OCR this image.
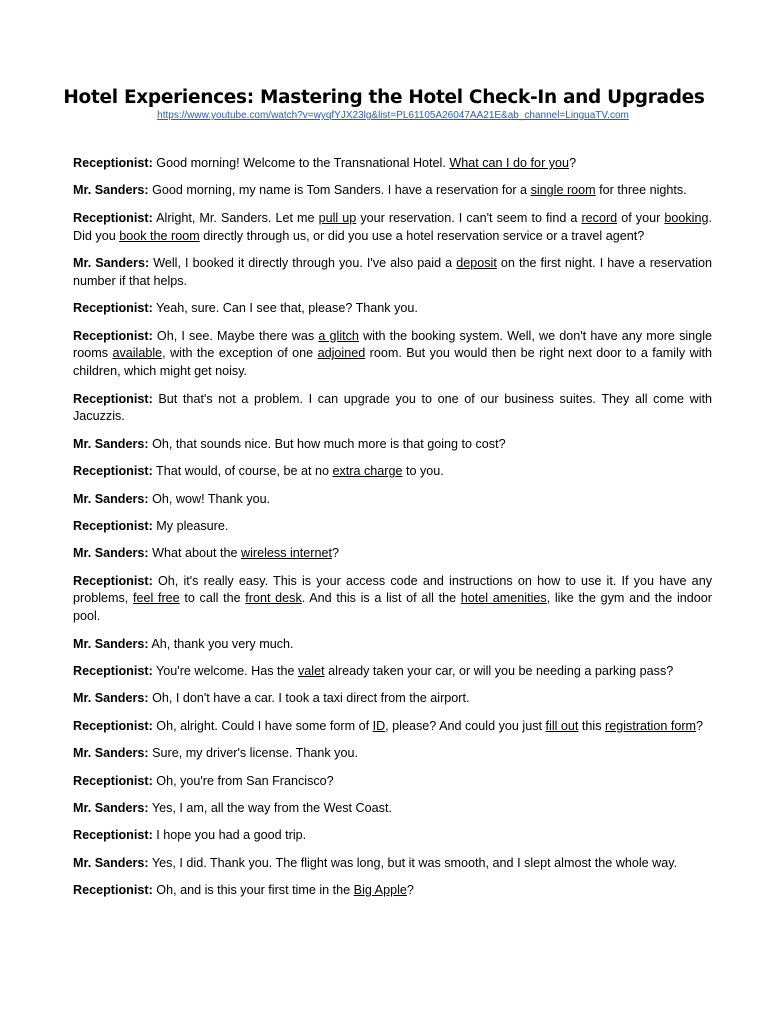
Hotel Experiences: Mastering the Hotel Check-In and Upgrades
https://www.youtube.com/watch?v=wyqfYJX23lg&list=PL61105A26047AA21E&ab_channel=LinguaTV.com

Receptionist: Good morning! Welcome to the Transnational Hotel. What can I do for you?

Mr. Sanders: Good morning, my name is Tom Sanders. I have a reservation for a single room for three nights.

Receptionist: Alright, Mr. Sanders. Let me pull up your reservation. I can't seem to find a record of your booking. Did you book the room directly through us, or did you use a hotel reservation service or a travel agent?

Mr. Sanders: Well, I booked it directly through you. I've also paid a deposit on the first night. I have a reservation number if that helps.

Receptionist: Yeah, sure. Can I see that, please? Thank you.

Receptionist: Oh, I see. Maybe there was a glitch with the booking system. Well, we don't have any more single rooms available, with the exception of one adjoined room. But you would then be right next door to a family with children, which might get noisy.

Receptionist: But that's not a problem. I can upgrade you to one of our business suites. They all come with Jacuzzis.

Mr. Sanders: Oh, that sounds nice. But how much more is that going to cost?

Receptionist: That would, of course, be at no extra charge to you.

Mr. Sanders: Oh, wow! Thank you.

Receptionist: My pleasure.

Mr. Sanders: What about the wireless internet?

Receptionist: Oh, it's really easy. This is your access code and instructions on how to use it. If you have any problems, feel free to call the front desk. And this is a list of all the hotel amenities, like the gym and the indoor pool.

Mr. Sanders: Ah, thank you very much.

Receptionist: You're welcome. Has the valet already taken your car, or will you be needing a parking pass?

Mr. Sanders: Oh, I don't have a car. I took a taxi direct from the airport.

Receptionist: Oh, alright. Could I have some form of ID, please? And could you just fill out this registration form?

Mr. Sanders: Sure, my driver's license. Thank you.

Receptionist: Oh, you're from San Francisco?

Mr. Sanders: Yes, I am, all the way from the West Coast.

Receptionist: I hope you had a good trip.

Mr. Sanders: Yes, I did. Thank you. The flight was long, but it was smooth, and I slept almost the whole way.

Receptionist: Oh, and is this your first time in the Big Apple?
